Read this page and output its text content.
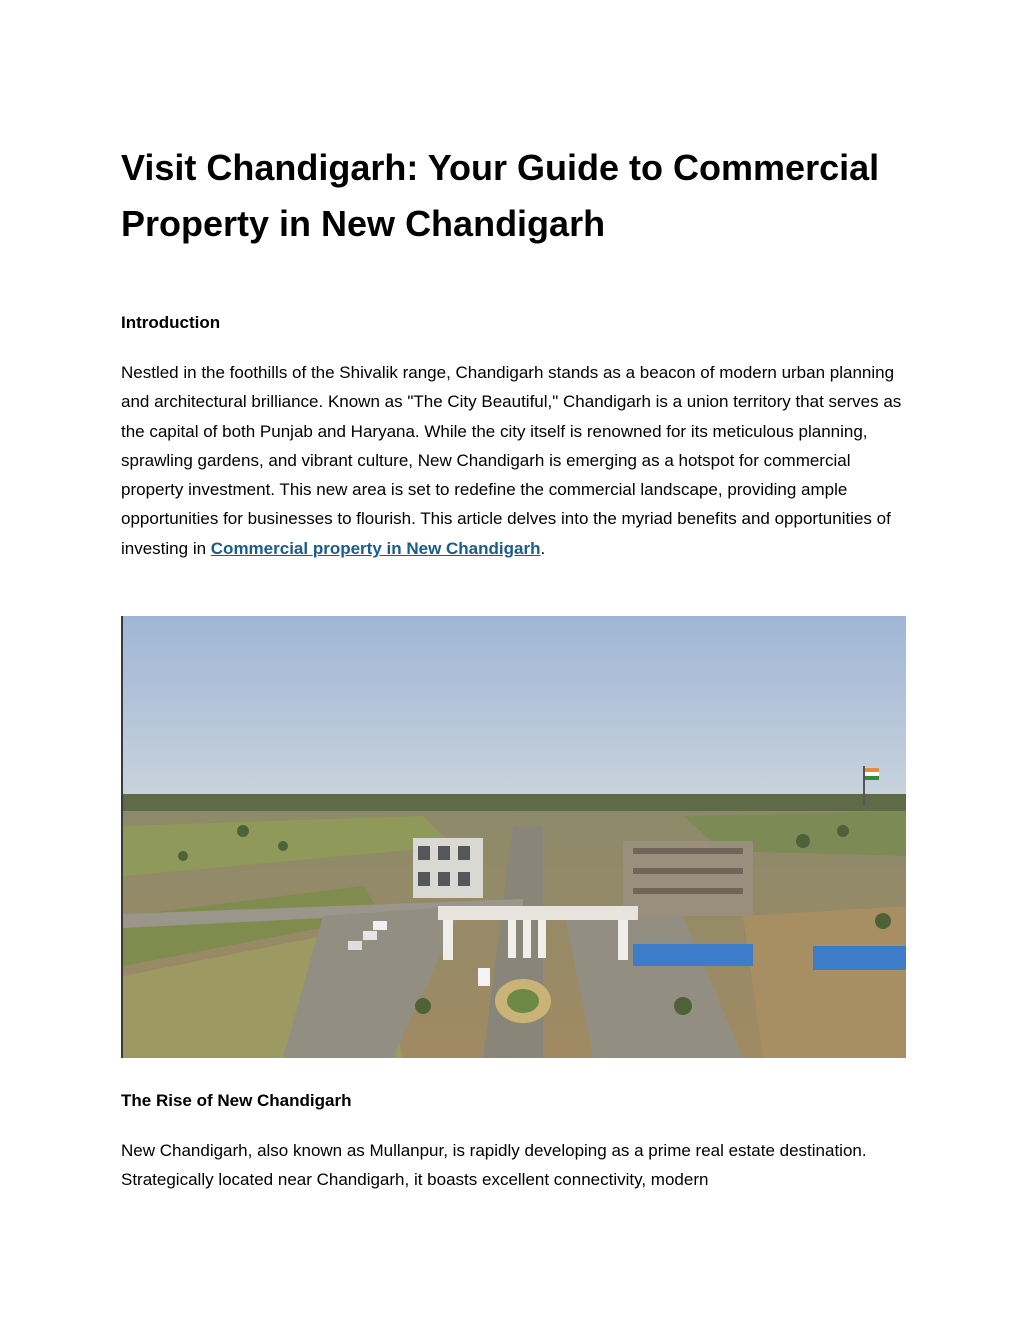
Visit Chandigarh: Your Guide to Commercial Property in New Chandigarh
Introduction

Nestled in the foothills of the Shivalik range, Chandigarh stands as a beacon of modern urban planning and architectural brilliance. Known as "The City Beautiful," Chandigarh is a union territory that serves as the capital of both Punjab and Haryana. While the city itself is renowned for its meticulous planning, sprawling gardens, and vibrant culture, New Chandigarh is emerging as a hotspot for commercial property investment. This new area is set to redefine the commercial landscape, providing ample opportunities for businesses to flourish. This article delves into the myriad benefits and opportunities of investing in Commercial property in New Chandigarh.

The Rise of New Chandigarh

New Chandigarh, also known as Mullanpur, is rapidly developing as a prime real estate destination. Strategically located near Chandigarh, it boasts excellent connectivity, modern
